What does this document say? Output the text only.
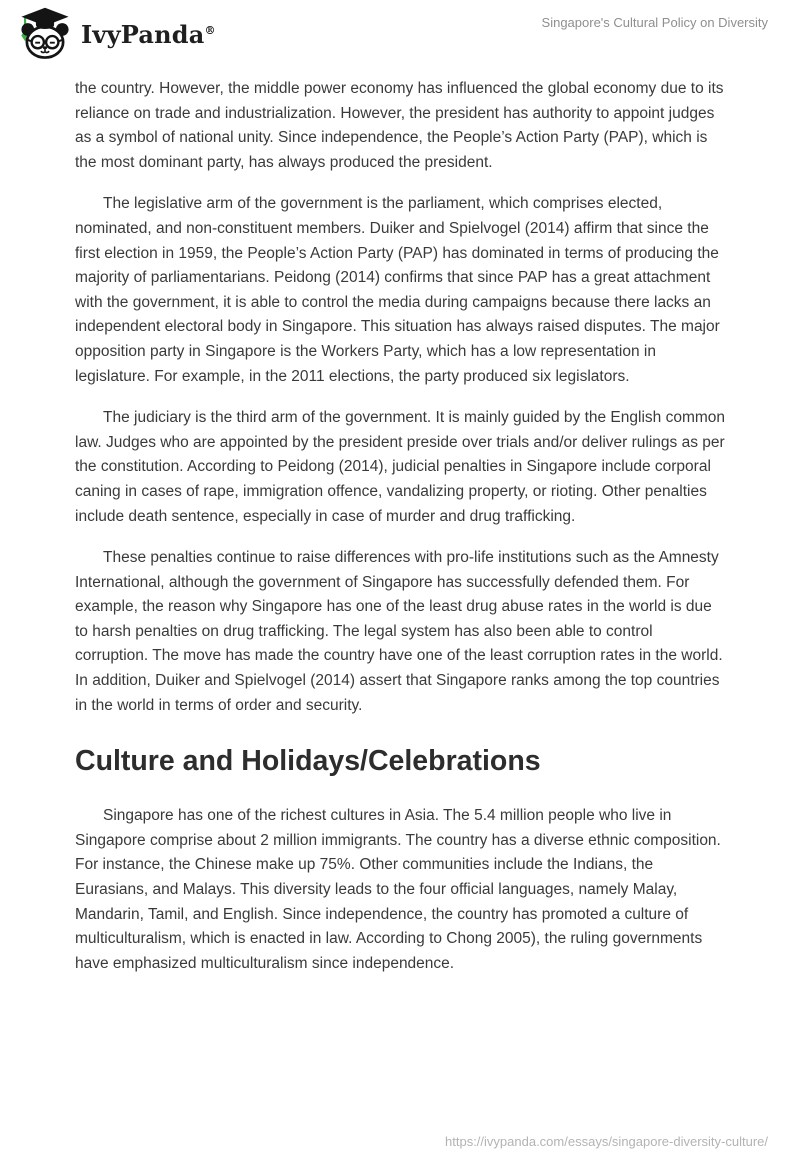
IvyPanda®	Singapore's Cultural Policy on Diversity

the country. However, the middle power economy has influenced the global economy due to its reliance on trade and industrialization. However, the president has authority to appoint judges as a symbol of national unity. Since independence, the People’s Action Party (PAP), which is the most dominant party, has always produced the president.

The legislative arm of the government is the parliament, which comprises elected, nominated, and non-constituent members. Duiker and Spielvogel (2014) affirm that since the first election in 1959, the People’s Action Party (PAP) has dominated in terms of producing the majority of parliamentarians. Peidong (2014) confirms that since PAP has a great attachment with the government, it is able to control the media during campaigns because there lacks an independent electoral body in Singapore. This situation has always raised disputes. The major opposition party in Singapore is the Workers Party, which has a low representation in legislature. For example, in the 2011 elections, the party produced six legislators.

The judiciary is the third arm of the government. It is mainly guided by the English common law. Judges who are appointed by the president preside over trials and/or deliver rulings as per the constitution. According to Peidong (2014), judicial penalties in Singapore include corporal caning in cases of rape, immigration offence, vandalizing property, or rioting. Other penalties include death sentence, especially in case of murder and drug trafficking.

These penalties continue to raise differences with pro-life institutions such as the Amnesty International, although the government of Singapore has successfully defended them. For example, the reason why Singapore has one of the least drug abuse rates in the world is due to harsh penalties on drug trafficking. The legal system has also been able to control corruption. The move has made the country have one of the least corruption rates in the world. In addition, Duiker and Spielvogel (2014) assert that Singapore ranks among the top countries in the world in terms of order and security.

Culture and Holidays/Celebrations

Singapore has one of the richest cultures in Asia. The 5.4 million people who live in Singapore comprise about 2 million immigrants. The country has a diverse ethnic composition. For instance, the Chinese make up 75%. Other communities include the Indians, the Eurasians, and Malays. This diversity leads to the four official languages, namely Malay, Mandarin, Tamil, and English. Since independence, the country has promoted a culture of multiculturalism, which is enacted in law. According to Chong 2005), the ruling governments have emphasized multiculturalism since independence.

https://ivypanda.com/essays/singapore-diversity-culture/
